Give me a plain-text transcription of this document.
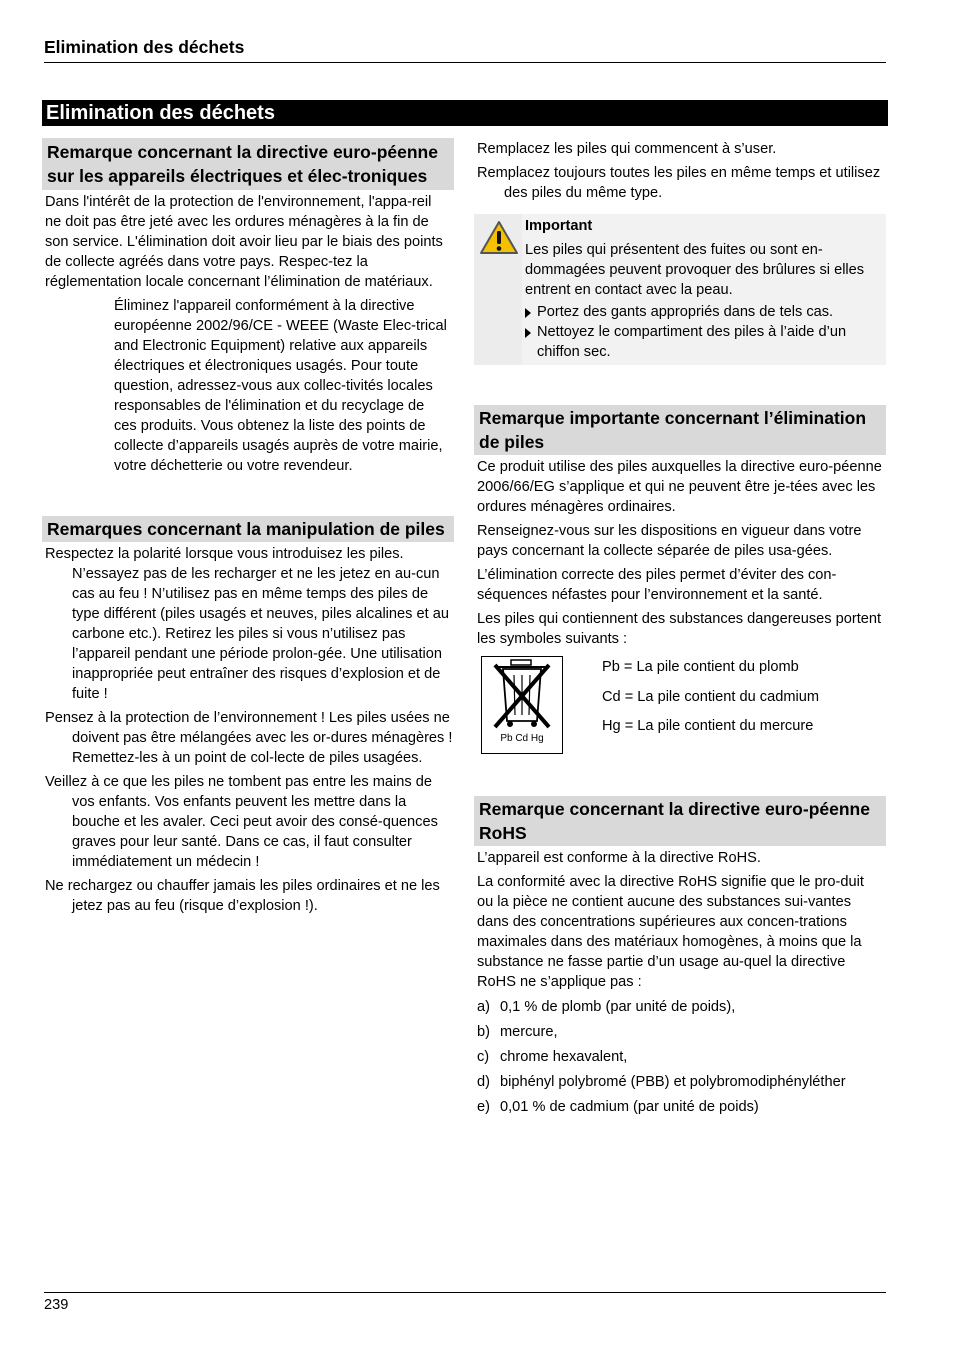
Elimination des déchets
Elimination des déchets
Remarque concernant la directive euro-péenne sur les appareils électriques et élec-troniques

Dans l'intérêt de la protection de l'environnement, l'appa-reil ne doit pas être jeté avec les ordures ménagères à la fin de son service. L'élimination doit avoir lieu par le biais des points de collecte agréés dans votre pays. Respec-tez la réglementation locale concernant l’élimination de matériaux.

Éliminez l'appareil conformément à la directive européenne 2002/96/CE - WEEE (Waste Elec-trical and Electronic Equipment) relative aux appareils électriques et électroniques usagés. Pour toute question, adressez-vous aux collec-tivités locales responsables de l'élimination et du recyclage de ces produits. Vous obtenez la liste des points de collecte d’appareils usagés auprès de votre mairie, votre déchetterie ou votre revendeur.

Remarques concernant la manipulation de piles

Respectez la polarité lorsque vous introduisez les piles. N’essayez pas de les recharger et ne les jetez en au-cun cas au feu ! N’utilisez pas en même temps des piles de type différent (piles usagés et neuves, piles alcalines et au carbone etc.). Retirez les piles si vous n’utilisez pas l’appareil pendant une période prolon-gée. Une utilisation inappropriée peut entraîner des risques d’explosion et de fuite !

Pensez à la protection de l’environnement ! Les piles usées ne doivent pas être mélangées avec les or-dures ménagères ! Remettez-les à un point de col-lecte de piles usagées.

Veillez à ce que les piles ne tombent pas entre les mains de vos enfants. Vos enfants peuvent les mettre dans la bouche et les avaler. Ceci peut avoir des consé-quences graves pour leur santé. Dans ce cas, il faut consulter immédiatement un médecin !

Ne rechargez ou chauffer jamais les piles ordinaires et ne les jetez pas au feu (risque d’explosion !).

Remplacez les piles qui commencent à s’user.

Remplacez toujours toutes les piles en même temps et utilisez des piles du même type.

Important

Les piles qui présentent des fuites ou sont en-dommagées peuvent provoquer des brûlures si elles entrent en contact avec la peau.

Portez des gants appropriés dans de tels cas.
Nettoyez le compartiment des piles à l’aide d’un chiffon sec.
Remarque importante concernant l’élimination de piles

Ce produit utilise des piles auxquelles la directive euro-péenne 2006/66/EG s’applique et qui ne peuvent être je-tées avec les ordures ménagères ordinaires.

Renseignez-vous sur les dispositions en vigueur dans votre pays concernant la collecte séparée de piles usa-gées.

L’élimination correcte des piles permet d’éviter des con-séquences néfastes pour l’environnement et la santé.

Les piles qui contiennent des substances dangereuses portent les symboles suivants :

Pb Cd Hg
Pb = La pile contient du plomb
Cd = La pile contient du cadmium
Hg = La pile contient du mercure
Remarque concernant la directive euro-péenne RoHS

L’appareil est conforme à la directive RoHS.

La conformité avec la directive RoHS signifie que le pro-duit ou la pièce ne contient aucune des substances sui-vantes dans des concentrations supérieures aux concen-trations maximales dans des matériaux homogènes, à moins que la substance ne fasse partie d’un usage au-quel la directive RoHS ne s’applique pas :

a) 0,1 % de plomb (par unité de poids),
b) mercure,
c) chrome hexavalent,
d) biphényl polybromé (PBB) et polybromodiphényléther
e) 0,01 % de cadmium (par unité de poids)
239
